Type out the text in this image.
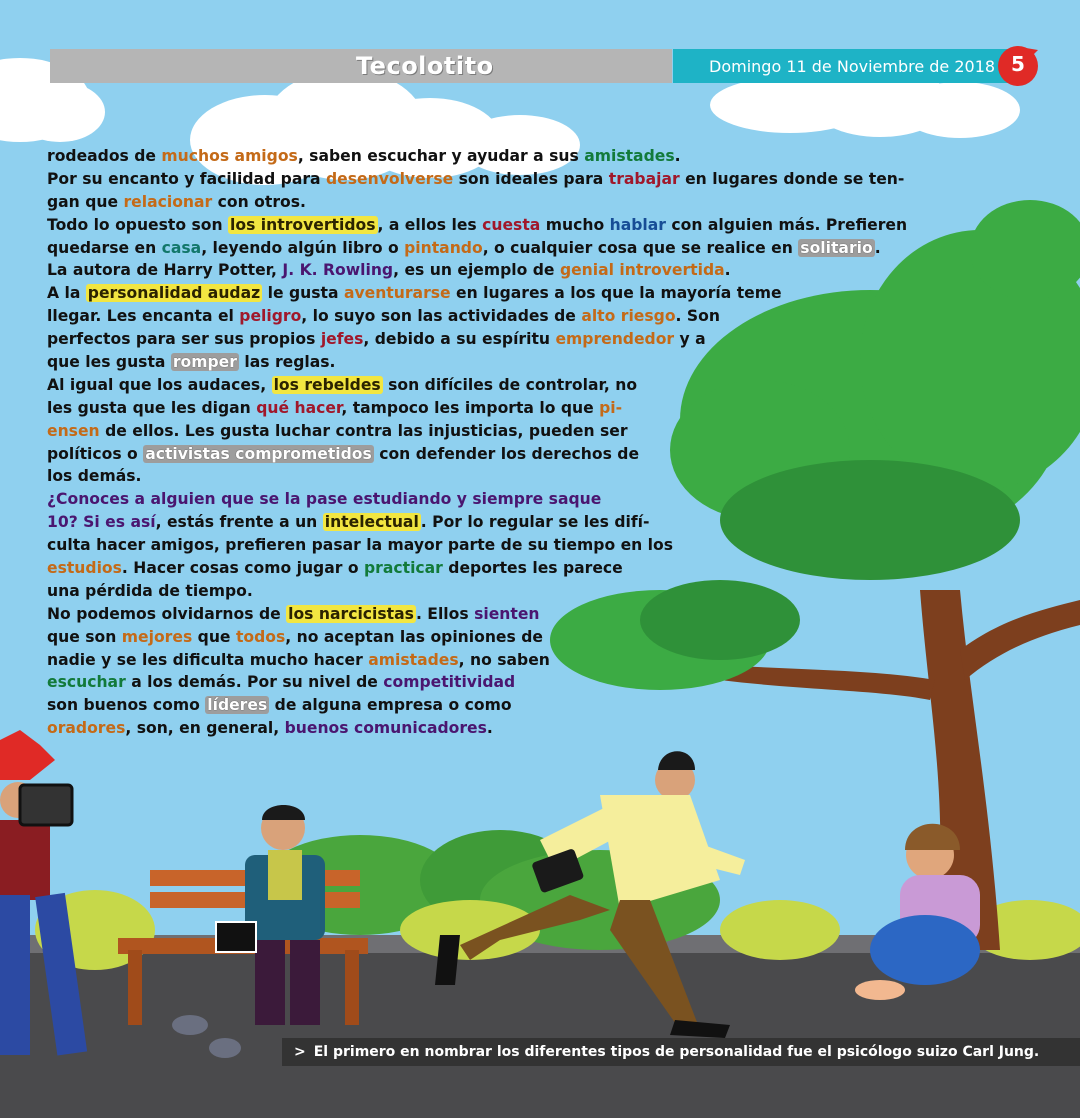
Tecolotito	Domingo 11 de Noviembre de 2018 5
rodeados de muchos amigos, saben escuchar y ayudar a sus amistades.
Por su encanto y facilidad para desenvolverse son ideales para trabajar en lugares donde se ten-
gan que relacionar con otros.
Todo lo opuesto son los introvertidos , a ellos les cuesta mucho hablar con alguien más. Prefieren
quedarse en casa, leyendo algún libro o pintando, o cualquier cosa que se realice en solitario .
La autora de Harry Potter, J. K. Rowling, es un ejemplo de genial introvertida.
A la personalidad audaz le gusta aventurarse en lugares a los que la mayoría teme
llegar. Les encanta el peligro, lo suyo son las actividades de alto riesgo. Son
perfectos para ser sus propios jefes, debido a su espíritu emprendedor y a
que les gusta romper las reglas.
Al igual que los audaces, los rebeldes son difíciles de controlar, no
les gusta que les digan qué hacer, tampoco les importa lo que pi-
ensen de ellos. Les gusta luchar contra las injusticias, pueden ser
políticos o activistas comprometidos con defender los derechos de
los demás.
¿Conoces a alguien que se la pase estudiando y siempre saque
10? Si es así, estás frente a un intelectual . Por lo regular se les difí-
culta hacer amigos, prefieren pasar la mayor parte de su tiempo en los
estudios. Hacer cosas como jugar o practicar deportes les parece
una pérdida de tiempo.
No podemos olvidarnos de los narcicistas . Ellos sienten
que son mejores que todos, no aceptan las opiniones de
nadie y se les dificulta mucho hacer amistades, no saben
escuchar a los demás. Por su nivel de competitividad
son buenos como líderes de alguna empresa o como
oradores, son, en general, buenos comunicadores.
> El primero en nombrar los diferentes tipos de personalidad fue el psicólogo suizo Carl Jung.
